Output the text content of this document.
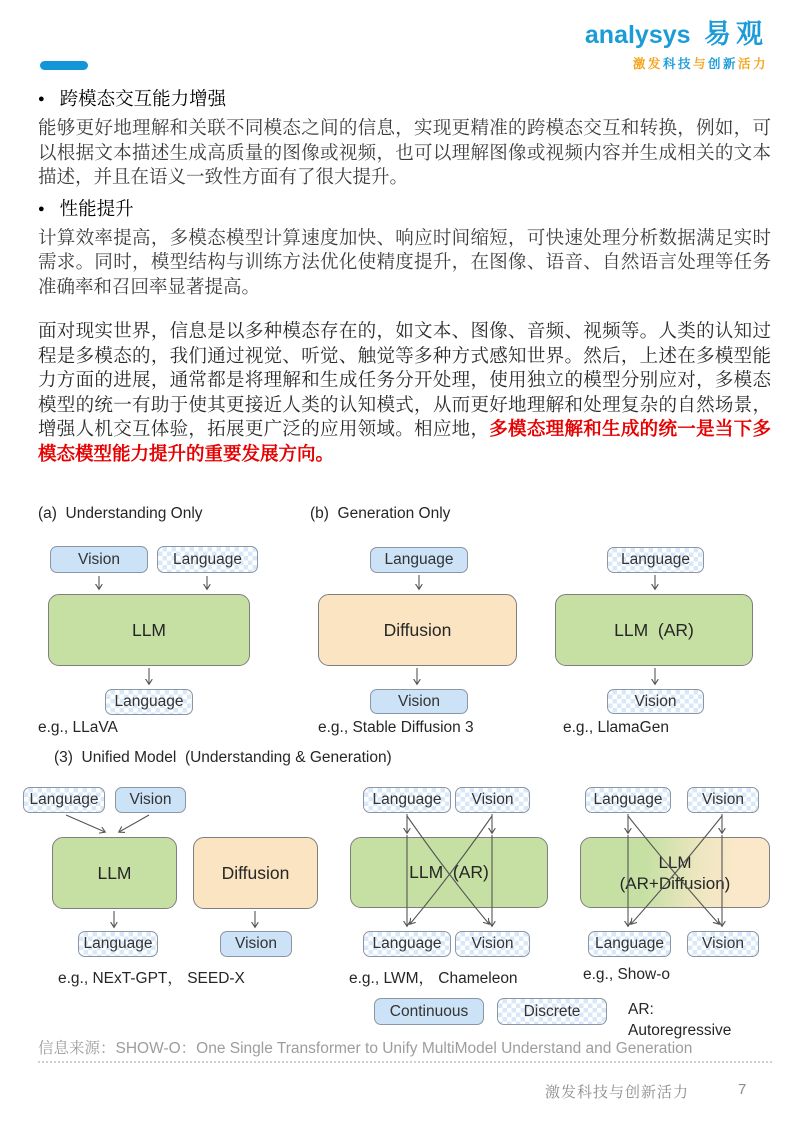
analysys 易观
激发科技与创新活力
● 跨模态交互能力增强

能够更好地理解和关联不同模态之间的信息，实现更精准的跨模态交互和转换，例如，可以根据文本描述生成高质量的图像或视频，也可以理解图像或视频内容并生成相关的文本描述，并且在语义一致性方面有了很大提升。

● 性能提升

计算效率提高，多模态模型计算速度加快、响应时间缩短，可快速处理分析数据满足实时需求。同时，模型结构与训练方法优化使精度提升，在图像、语音、自然语言处理等任务准确率和召回率显著提高。

面对现实世界，信息是以多种模态存在的，如文本、图像、音频、视频等。人类的认知过程是多模态的，我们通过视觉、听觉、触觉等多种方式感知世界。然后，上述在多模型能力方面的进展，通常都是将理解和生成任务分开处理，使用独立的模型分别应对，多模态模型的统一有助于使其更接近人类的认知模式，从而更好地理解和处理复杂的自然场景，增强人机交互体验，拓展更广泛的应用领域。相应地，多模态理解和生成的统一是当下多模态模型能力提升的重要发展方向。

(a)  Understanding Only	(b)  Generation Only
(3)  Unified Model  (Understanding & Generation)
Vision	Language
LLM
Language
e.g., LLaVA
Language
Diffusion
Vision
e.g., Stable Diffusion 3
Language
LLM  (AR)
Vision
e.g., LlamaGen
Language	Vision
LLM	Diffusion
Language	Vision
e.g., NExT-GPT， SEED-X
Language	Vision
LLM  (AR)
Language	Vision
e.g., LWM， Chameleon
Language	Vision
LLM
(AR+Diffusion)
Language	Vision
e.g., Show-o
Continuous	Discrete	AR:
Autoregressive
信息来源：SHOW-O：One Single Transformer to Unify MultiModel Understand and Generation
激发科技与创新活力	7
